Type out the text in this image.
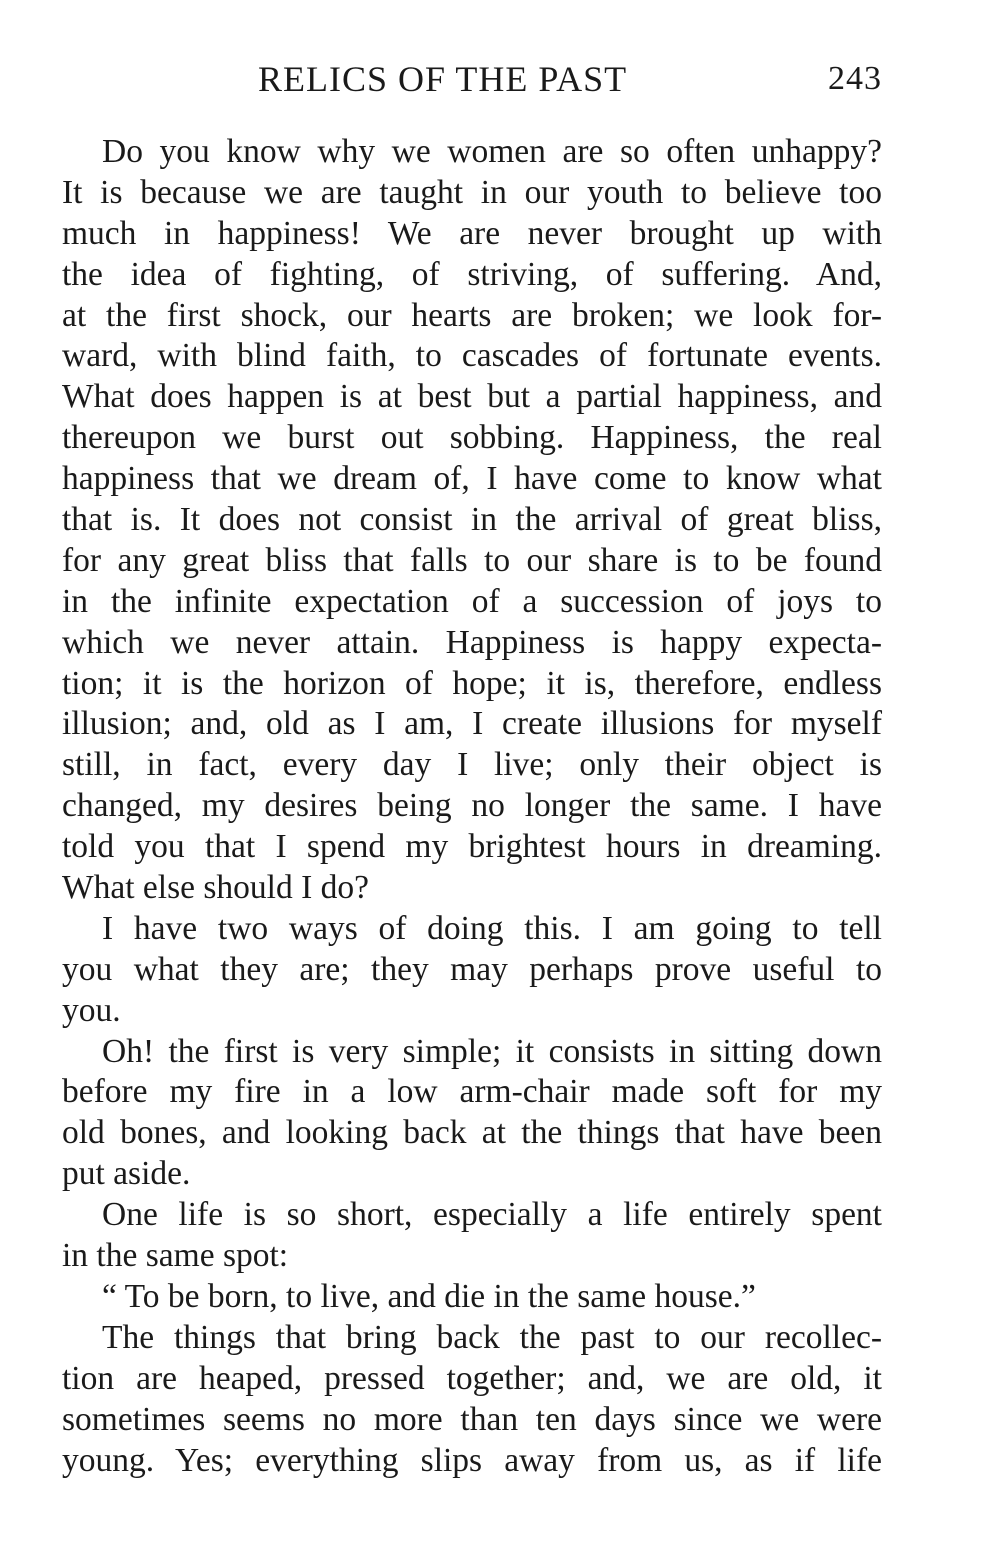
RELICS OF THE PAST	243
Do you know why we women are so often unhappy?
It is because we are taught in our youth to believe too
much in happiness! We are never brought up with
the idea of fighting, of striving, of suffering. And,
at the first shock, our hearts are broken; we look for-
ward, with blind faith, to cascades of fortunate events.
What does happen is at best but a partial happiness, and
thereupon we burst out sobbing. Happiness, the real
happiness that we dream of, I have come to know what
that is. It does not consist in the arrival of great bliss,
for any great bliss that falls to our share is to be found
in the infinite expectation of a succession of joys to
which we never attain. Happiness is happy expecta-
tion; it is the horizon of hope; it is, therefore, endless
illusion; and, old as I am, I create illusions for myself
still, in fact, every day I live; only their object is
changed, my desires being no longer the same. I have
told you that I spend my brightest hours in dreaming.
What else should I do?
I have two ways of doing this. I am going to tell
you what they are; they may perhaps prove useful to
you.
Oh! the first is very simple; it consists in sitting down
before my fire in a low arm-chair made soft for my
old bones, and looking back at the things that have been
put aside.
One life is so short, especially a life entirely spent
in the same spot:
“ To be born, to live, and die in the same house.”
The things that bring back the past to our recollec-
tion are heaped, pressed together; and, we are old, it
sometimes seems no more than ten days since we were
young. Yes; everything slips away from us, as if life
